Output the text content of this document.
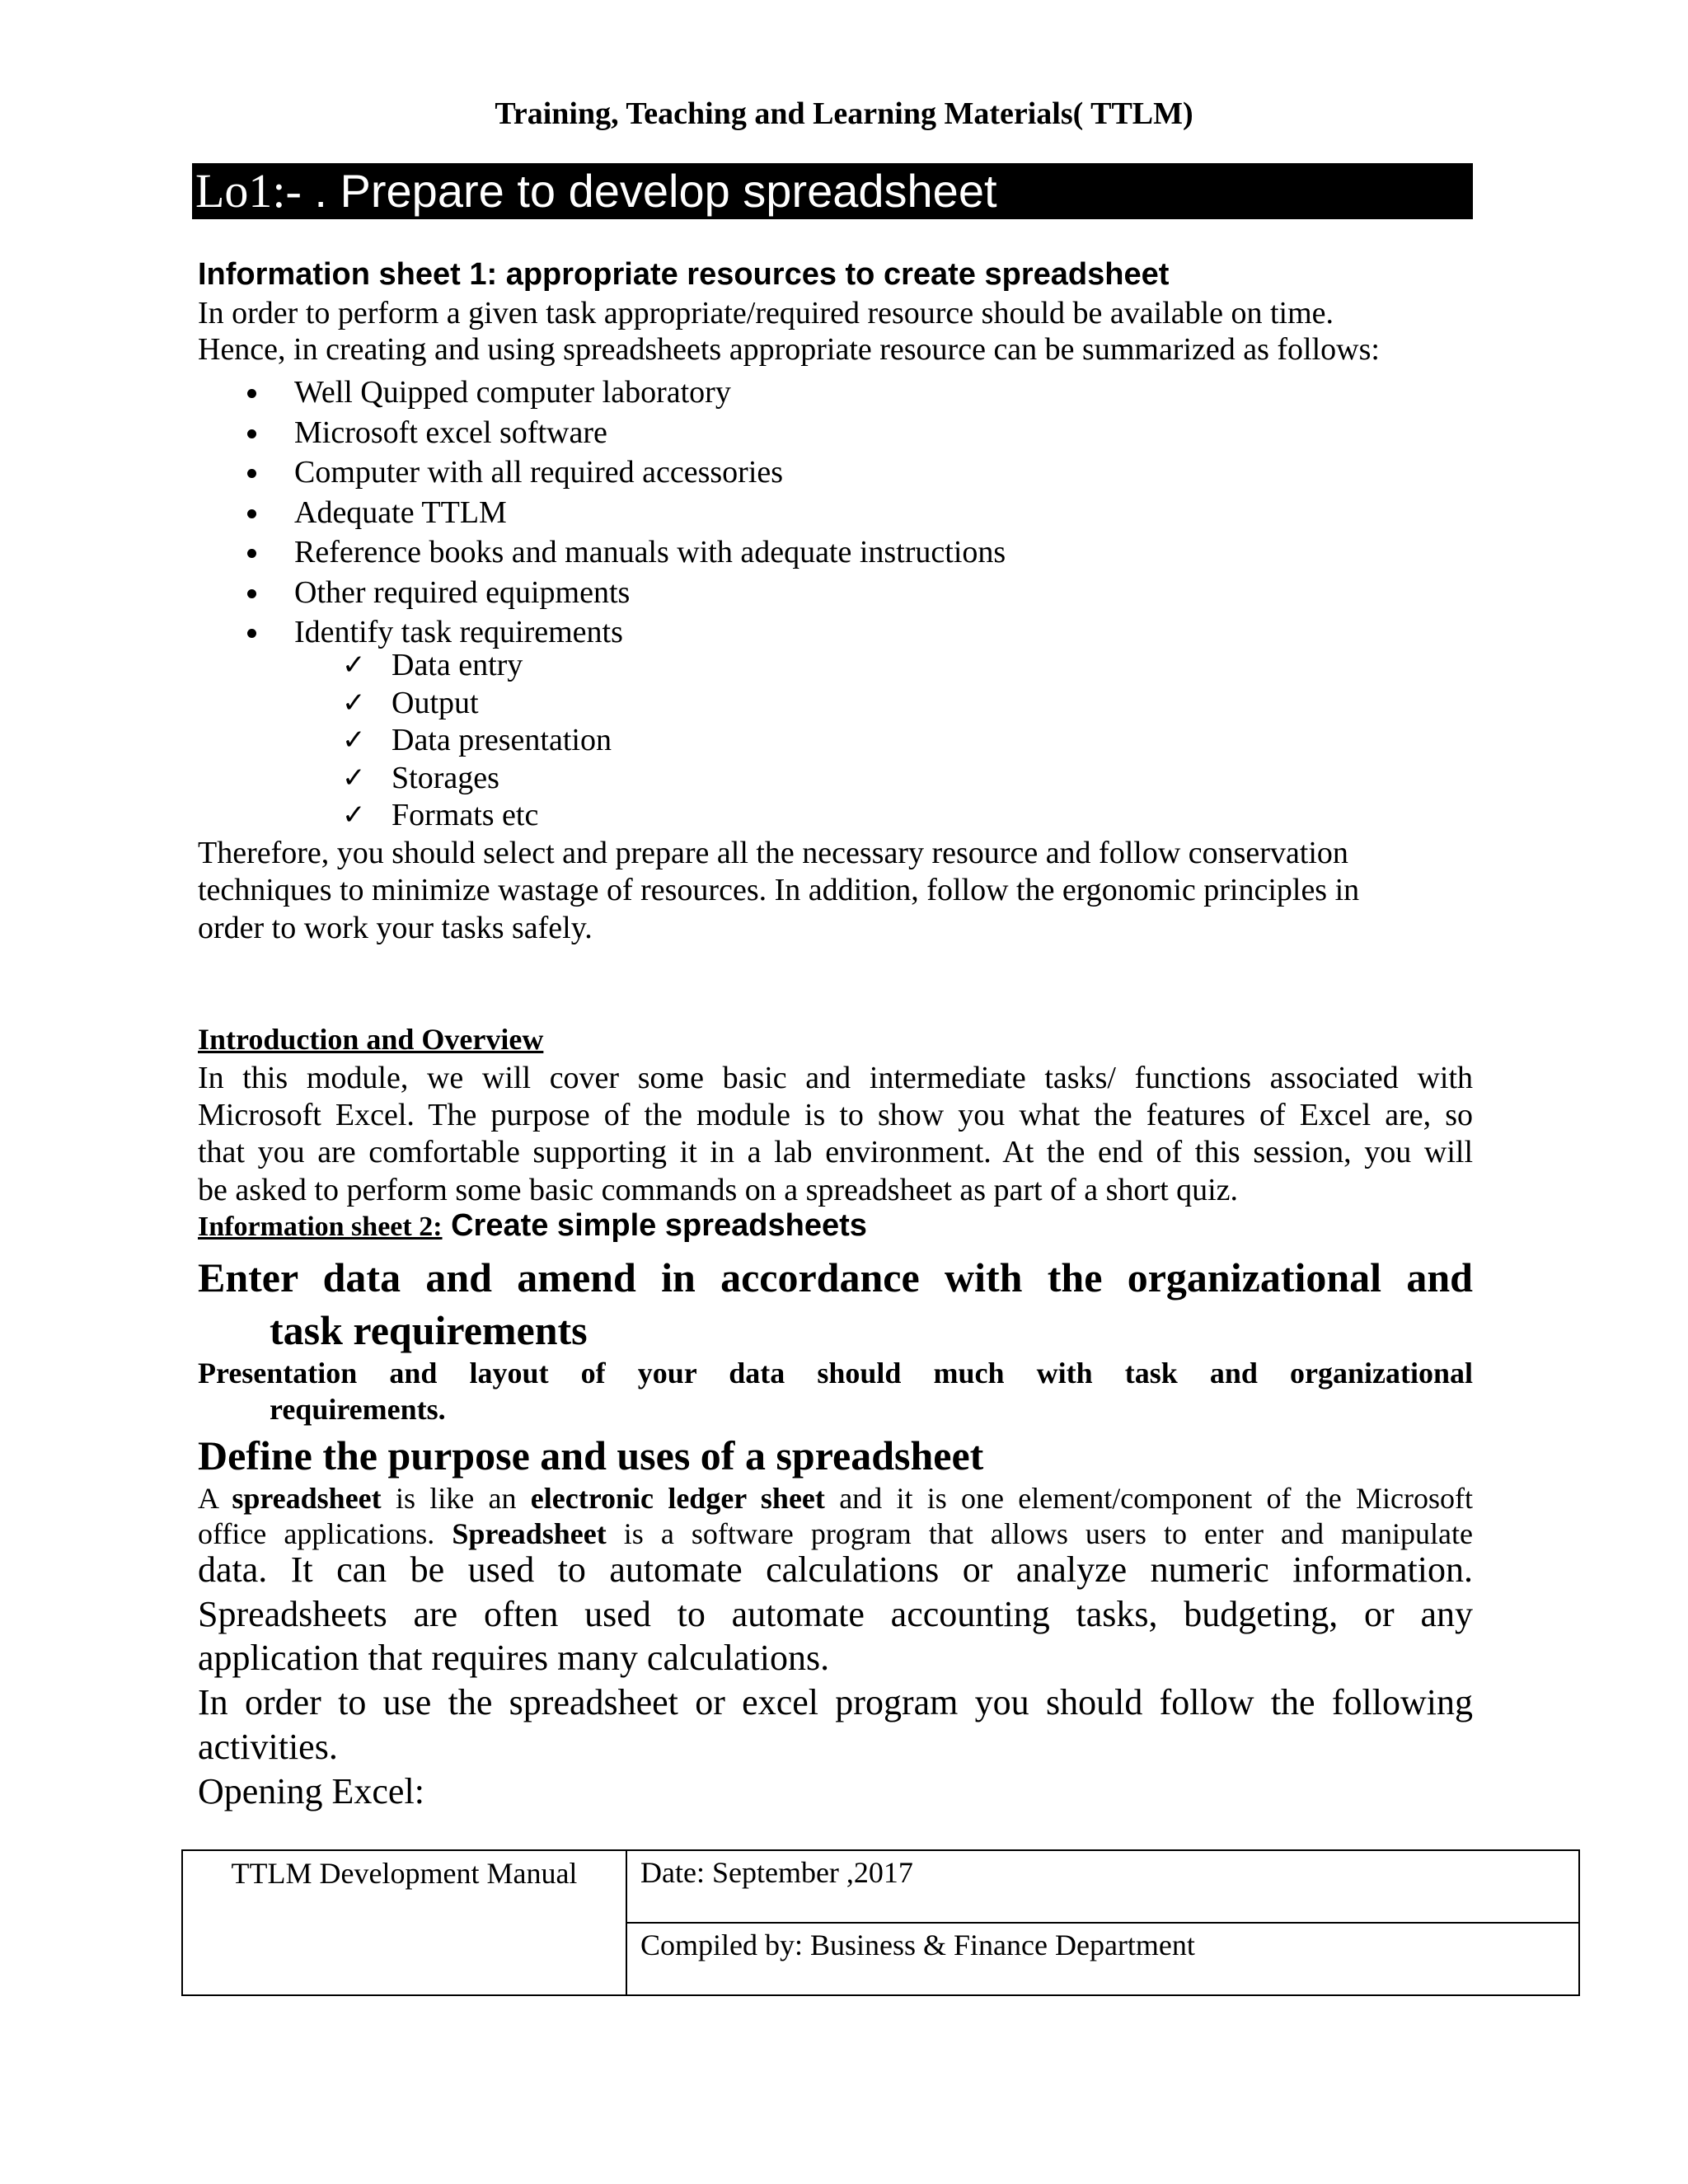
Training, Teaching and Learning Materials( TTLM)
Lo1:- . Prepare to develop spreadsheet
Information sheet 1: appropriate resources to create spreadsheet
In order to perform a given task appropriate/required resource should be available on time.
Hence, in creating and using spreadsheets appropriate resource can be summarized as follows:
Well Quipped computer laboratory
Microsoft excel software
Computer with all required accessories
Adequate TTLM
Reference books and manuals with adequate instructions
Other required equipments
Identify task requirements
✓ Data entry
✓ Output
✓ Data presentation
✓ Storages
✓ Formats etc
Therefore, you should select and prepare all the necessary resource and follow conservation
techniques to minimize wastage of resources. In addition, follow the ergonomic principles in
order to work your tasks safely.
Introduction and Overview
In this module, we will cover some basic and intermediate tasks/ functions associated with
Microsoft Excel. The purpose of the module is to show you what the features of Excel are, so
that you are comfortable supporting it in a lab environment. At the end of this session, you will
be asked to perform some basic commands on a spreadsheet as part of a short quiz.
Information sheet 2: Create simple spreadsheets
Enter data and amend in accordance with the organizational and
task requirements
Presentation and layout of your data should much with task and organizational
requirements.
Define the purpose and uses of a spreadsheet
A spreadsheet is like an electronic ledger sheet and it is one element/component of the Microsoft
office applications. Spreadsheet is a software program that allows users to enter and manipulate
data. It can be used to automate calculations or analyze numeric information.
Spreadsheets are often used to automate accounting tasks, budgeting, or any
application that requires many calculations.
In order to use the spreadsheet or excel program you should follow the following
activities.
Opening Excel:
TTLM Development Manual	Date: September ,2017
Compiled by: Business & Finance Department
